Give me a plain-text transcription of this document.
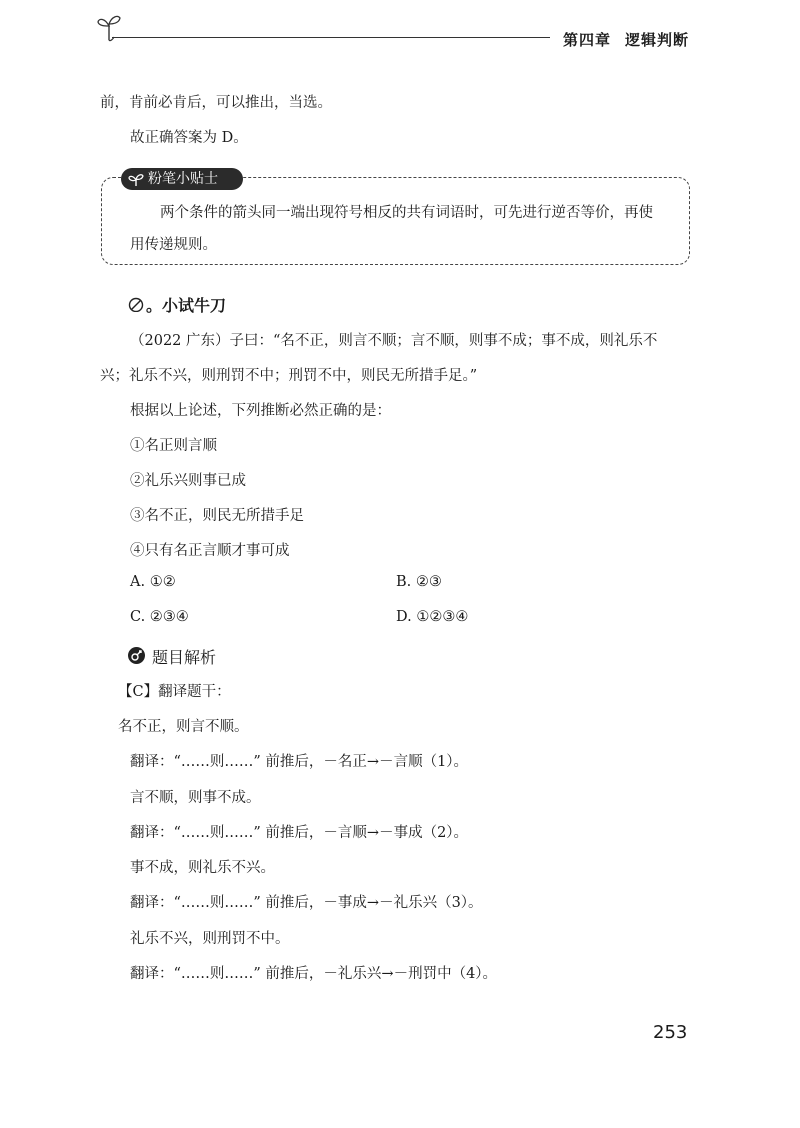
第四章 逻辑判断
前，肯前必肯后，可以推出，当选。
故正确答案为 D。
粉笔小贴士
两个条件的箭头同一端出现符号相反的共有词语时，可先进行逆否等价，再使
用传递规则。
。 小试牛刀
（2022 广东）子曰：“名不正，则言不顺；言不顺，则事不成；事不成，则礼乐不
兴；礼乐不兴，则刑罚不中；刑罚不中，则民无所措手足。”
根据以上论述，下列推断必然正确的是：
①名正则言顺
②礼乐兴则事已成
③名不正，则民无所措手足
④只有名正言顺才事可成
A. ①②	B. ②③
C. ②③④	D. ①②③④
题目解析
【C】翻译题干：
名不正，则言不顺。
翻译：“……则……” 前推后，－名正→－言顺（1）。
言不顺，则事不成。
翻译：“……则……” 前推后，－言顺→－事成（2）。
事不成，则礼乐不兴。
翻译：“……则……” 前推后，－事成→－礼乐兴（3）。
礼乐不兴，则刑罚不中。
翻译：“……则……” 前推后，－礼乐兴→－刑罚中（4）。
253
